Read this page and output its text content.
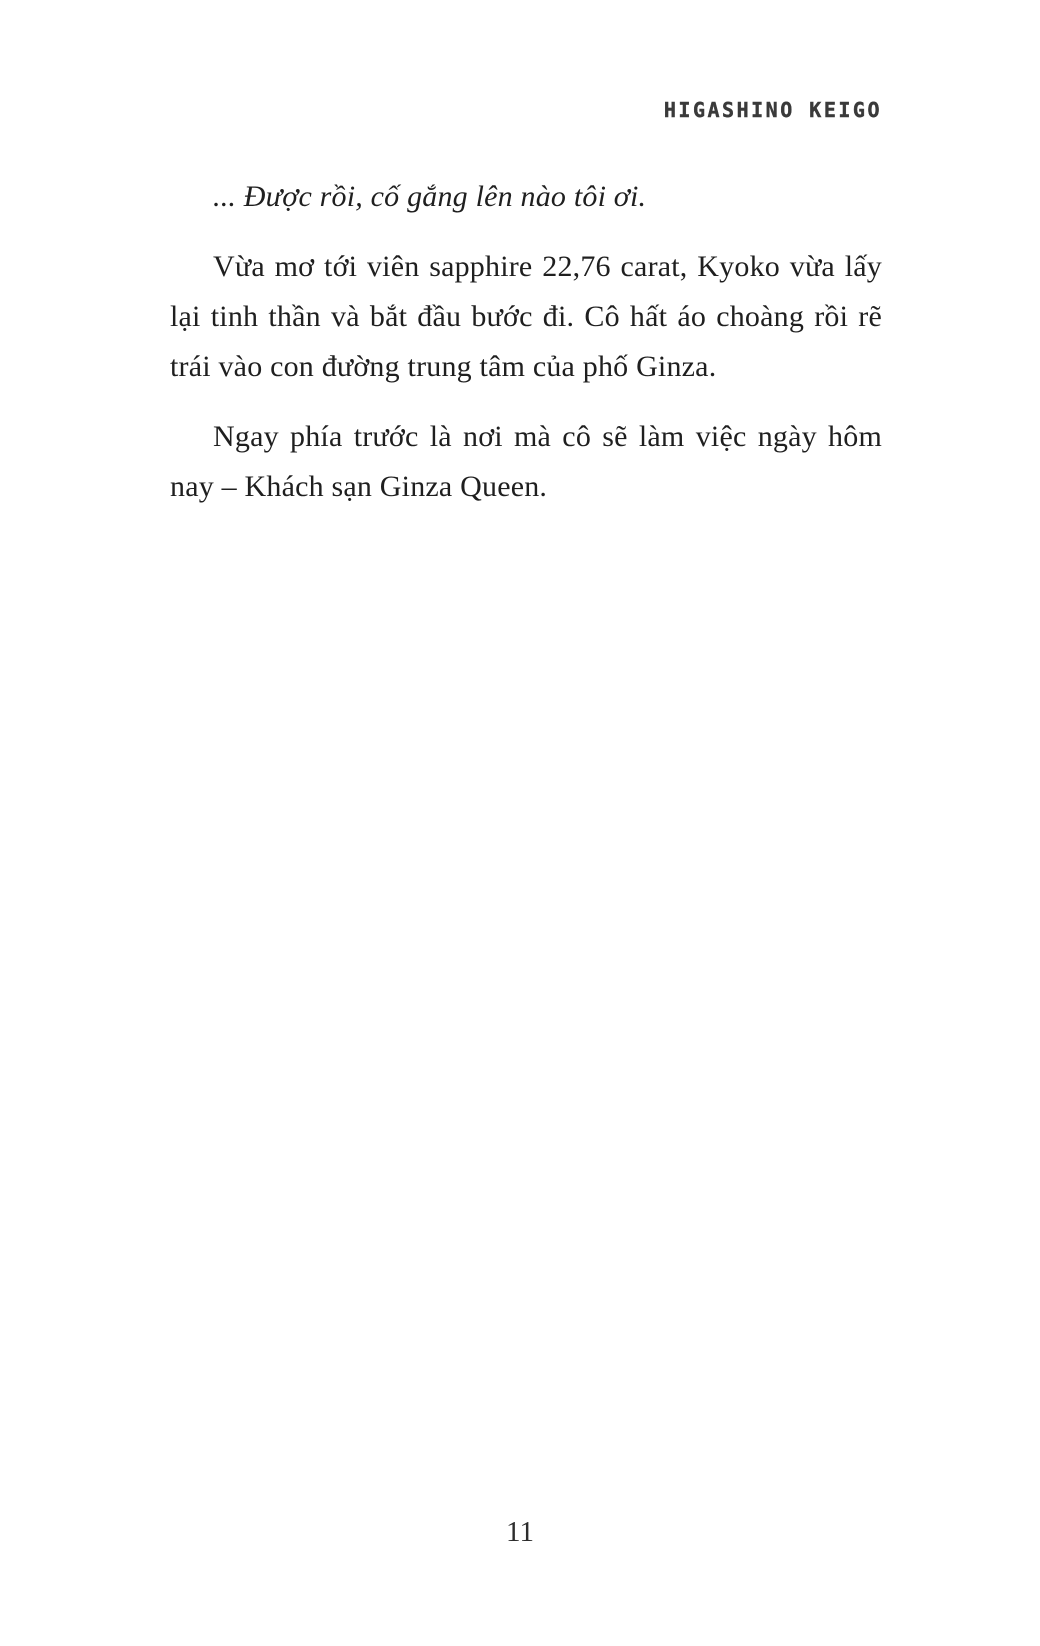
HIGASHINO KEIGO

... Được rồi, cố gắng lên nào tôi ơi.

Vừa mơ tới viên sapphire 22,76 carat, Kyoko vừa lấy lại tinh thần và bắt đầu bước đi. Cô hất áo choàng rồi rẽ trái vào con đường trung tâm của phố Ginza.

Ngay phía trước là nơi mà cô sẽ làm việc ngày hôm nay – Khách sạn Ginza Queen.

11
